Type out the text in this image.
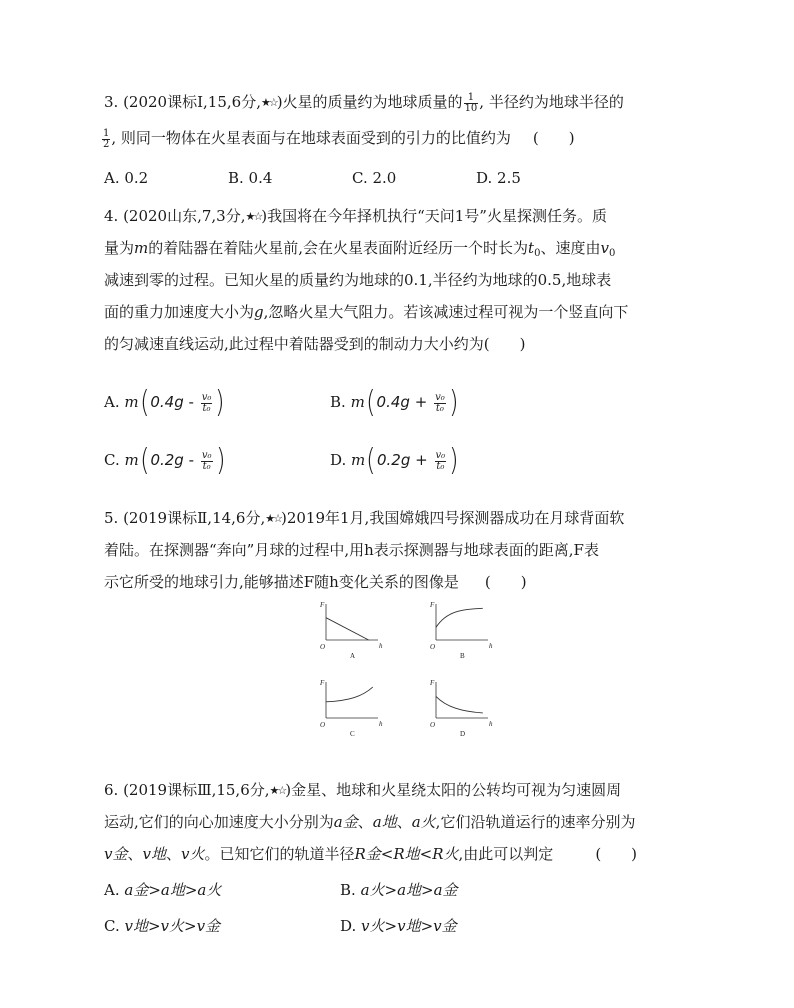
3. (2020课标Ⅰ,15,6分,★☆)火星的质量约为地球质量的 $\frac{1}{10}$ , 半径约为地球半径的
$\frac{1}{2}$ , 则同一物体在火星表面与在地球表面受到的引力的比值约为 (　　)
A. 0.2	B. 0.4	C. 2.0	D. 2.5
4. (2020山东,7,3分,★☆)我国将在今年择机执行“天问1号”火星探测任务。质
量为m的着陆器在着陆火星前,会在火星表面附近经历一个时长为$t_0$、速度由$v_0$
减速到零的过程。已知火星的质量约为地球的0.1,半径约为地球的0.5,地球表
面的重力加速度大小为g,忽略火星大气阻力。若该减速过程可视为一个竖直向下
的匀减速直线运动,此过程中着陆器受到的制动力大小约为(　　)
A. $m(0.4g - \frac{\text{v₀}}{\text{t₀}}$ )	B. $m(0.4g + \frac{\text{v₀}}{\text{t₀}}$ )
C. $m(0.2g - \frac{\text{v₀}}{\text{t₀}}$ )	D. $m(0.2g + \frac{\text{v₀}}{\text{t₀}}$ )
5. (2019课标Ⅱ,14,6分,★☆)2019年1月,我国嫦娥四号探测器成功在月球背面软
着陆。在探测器“奔向”月球的过程中,用h表示探测器与地球表面的距离,F表
示它所受的地球引力,能够描述F随h变化关系的图像是 (　　)
F
h
O
A
F
h
O
B
F
h
O
C
F
h
O
D
6. (2019课标Ⅲ,15,6分,★☆)金星、地球和火星绕太阳的公转均可视为匀速圆周
运动,它们的向心加速度大小分别为a金、a地、a火,它们沿轨道运行的速率分别为
v金、v地、v火。已知它们的轨道半径R金<R地<R火,由此可以判定	(　　)
A. a金>a地>a火	B. a火>a地>a金
C. v地>v火>v金	D. v火>v地>v金
